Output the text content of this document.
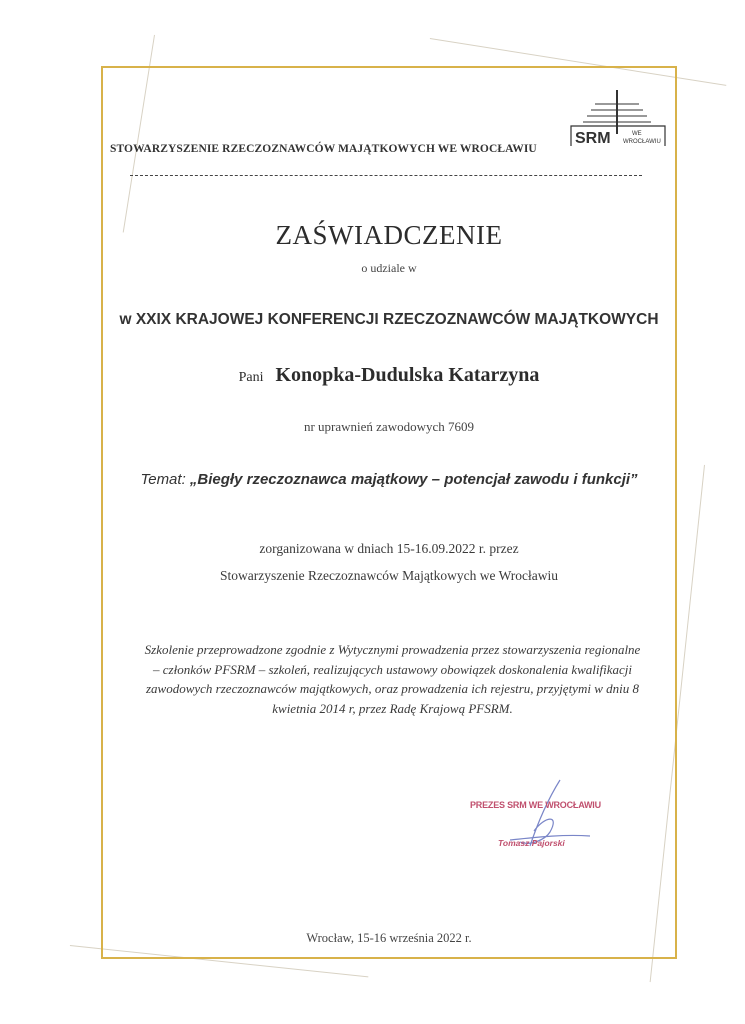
STOWARZYSZENIE RZECZOZNAWCÓW MAJĄTKOWYCH WE WROCŁAWIU
SRM	WE
WROCŁAWIU
ZAŚWIADCZENIE
o udziale w
w XXIX KRAJOWEJ KONFERENCJI RZECZOZNAWCÓW MAJĄTKOWYCH
Pani Konopka-Dudulska Katarzyna
nr uprawnień zawodowych 7609
Temat: „Biegły rzeczoznawca majątkowy – potencjał zawodu i funkcji”
zorganizowana w dniach 15-16.09.2022 r. przez
Stowarzyszenie Rzeczoznawców Majątkowych we Wrocławiu
Szkolenie przeprowadzone zgodnie z Wytycznymi prowadzenia przez stowarzyszenia regionalne
– członków PFSRM – szkoleń, realizujących ustawowy obowiązek doskonalenia kwalifikacji
zawodowych rzeczoznawców majątkowych, oraz prowadzenia ich rejestru, przyjętymi w dniu 8
kwietnia 2014 r, przez Radę Krajową PFSRM.
PREZES SRM WE WROCŁAWIU
Tomasz Pajorski
Wrocław, 15-16 września 2022 r.
